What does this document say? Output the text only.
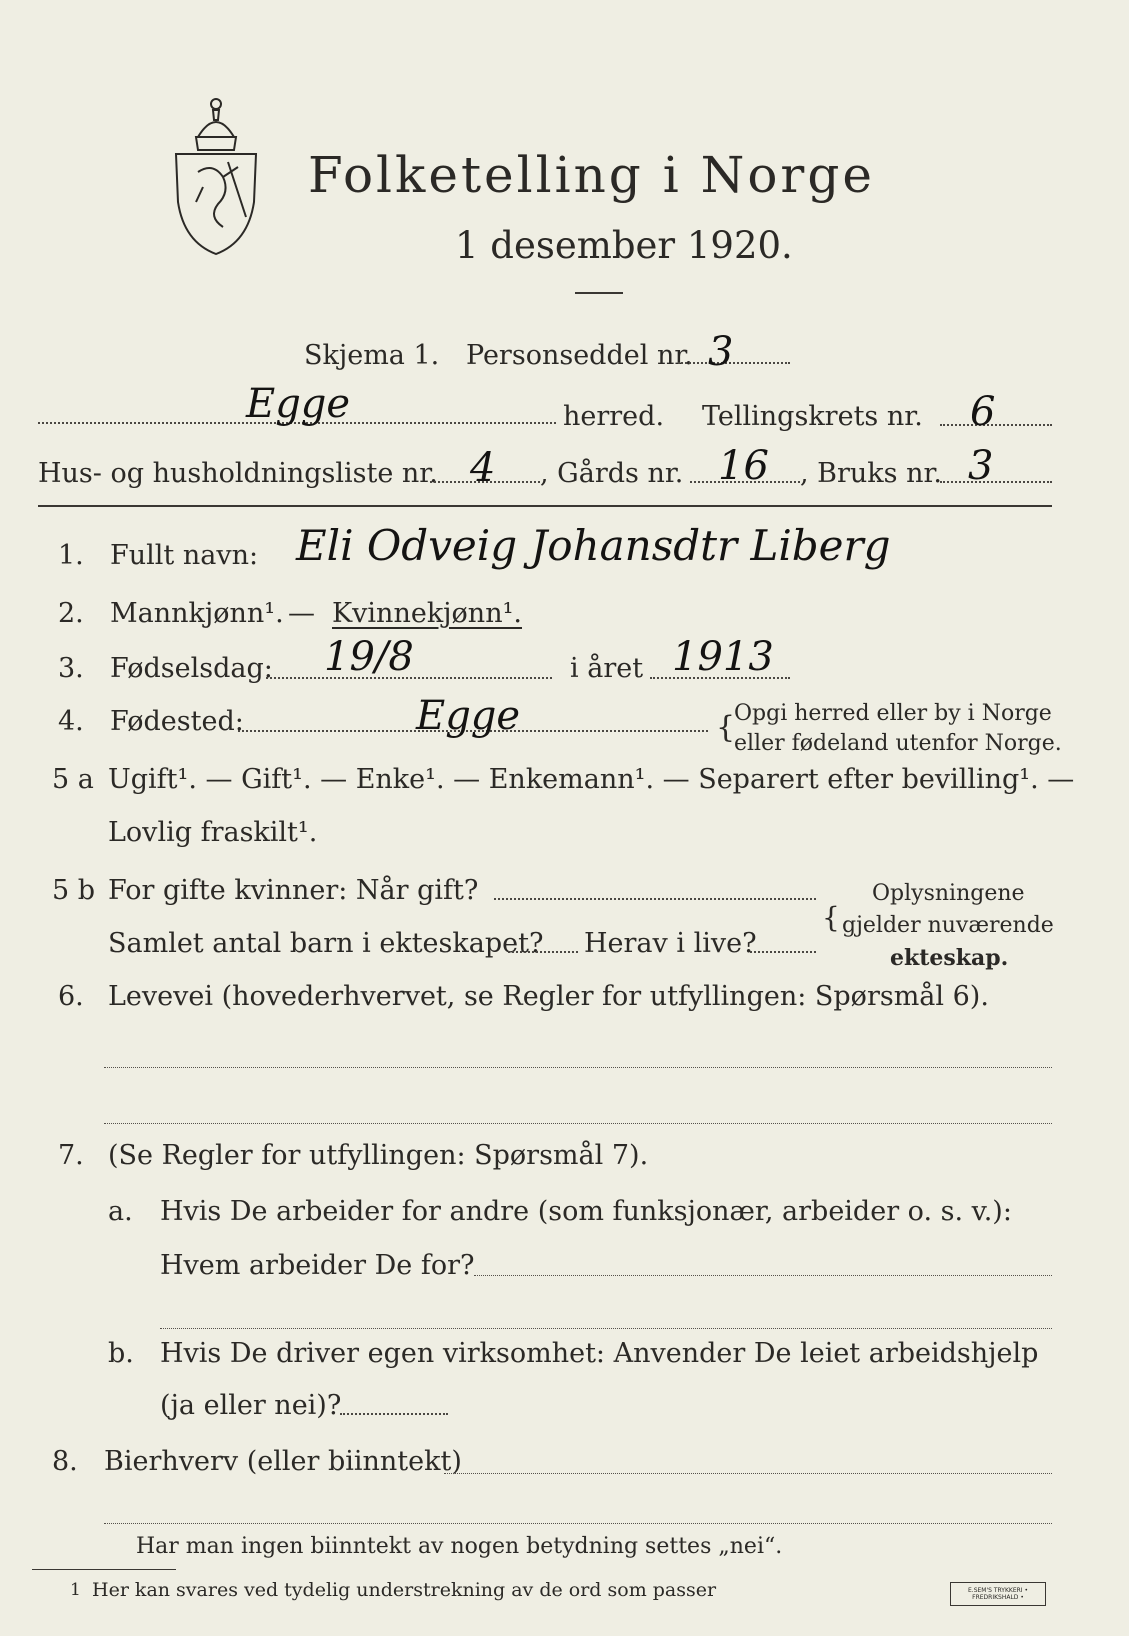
Folketelling i Norge
1 desember 1920.
Skjema 1. Personseddel nr. 3
Egge	herred. Tellingskrets nr. 6
Hus- og husholdningsliste nr. 4 , Gårds nr. 16 , Bruks nr. 3
1. Fullt navn: Eli Odveig Johansdtr Liberg
2. Mannkjønn¹. — Kvinnekjønn¹.
3. Fødselsdag: 19/8	i året 1913
4. Fødested:	Egge	{
Opgi herred eller by i Norge
eller fødeland utenfor Norge.
5 a Ugift¹. — Gift¹. — Enke¹. — Enkemann¹. — Separert efter bevilling¹. —
Lovlig fraskilt¹.
5 b For gifte kvinner: Når gift?
Samlet antal barn i ekteskapet? Herav i live?
{
Oplysningene
gjelder nuværende
ekteskap.
6. Levevei (hovederhvervet, se Regler for utfyllingen: Spørsmål 6).
7. (Se Regler for utfyllingen: Spørsmål 7).
a. Hvis De arbeider for andre (som funksjonær, arbeider o. s. v.):
Hvem arbeider De for?
b. Hvis De driver egen virksomhet: Anvender De leiet arbeidshjelp
(ja eller nei)?
8. Bierhverv (eller biinntekt)
Har man ingen biinntekt av nogen betydning settes „nei“.
1 Her kan svares ved tydelig understrekning av de ord som passer	E.SEM'S TRYKKERI • FREDRIKSHALD •
